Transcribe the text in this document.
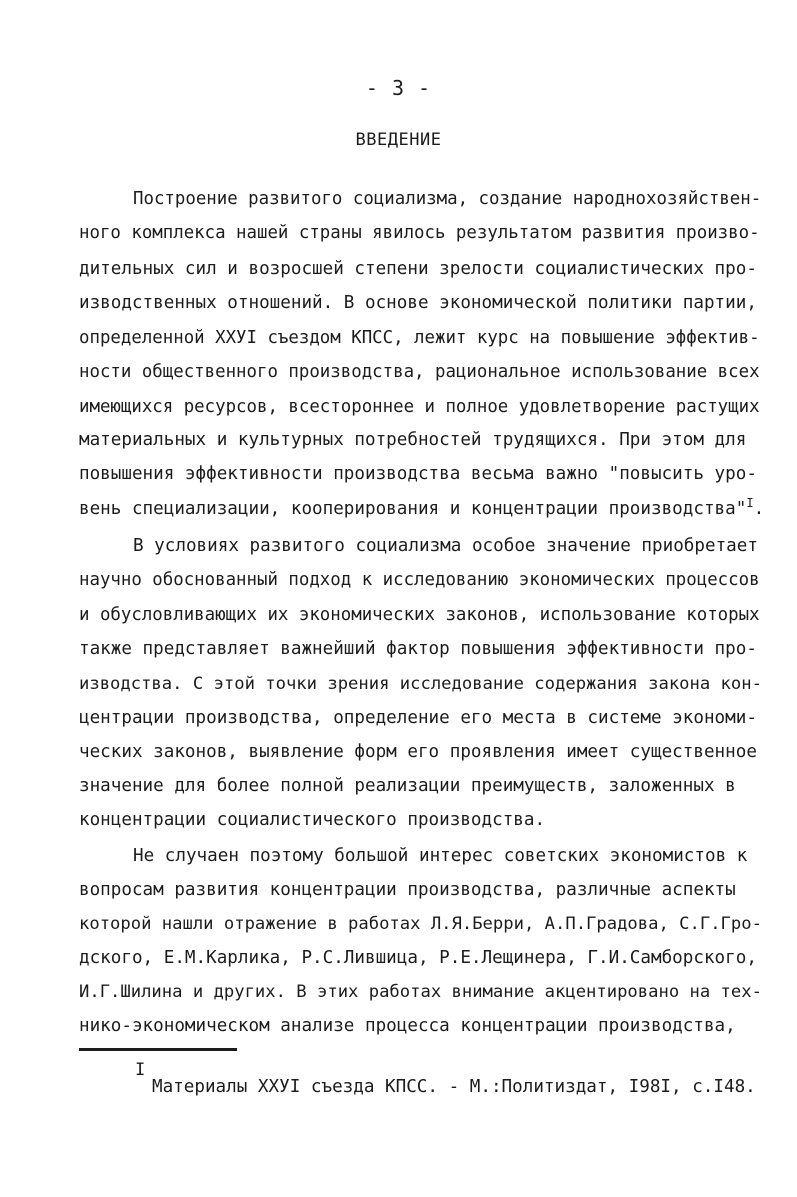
- 3 -
ВВЕДЕНИЕ
Построение развитого социализма, создание народнохозяйствен-
ного комплекса нашей страны явилось результатом развития произво-
дительных сил и возросшей степени зрелости социалистических про-
изводственных отношений. В основе экономической политики партии,
определенной ХХУI съездом КПСС, лежит курс на повышение эффектив-
ности общественного производства, рациональное использование всех
имеющихся ресурсов, всестороннее и полное удовлетворение растущих
материальных и культурных потребностей трудящихся. При этом для
повышения эффективности производства весьма важно "повысить уро-
вень специализации, кооперирования и концентрации производства"$^I$.
В условиях развитого социализма особое значение приобретает
научно обоснованный подход к исследованию экономических процессов
и обусловливающих их экономических законов, использование которых
также представляет важнейший фактор повышения эффективности про-
изводства. С этой точки зрения исследование содержания закона кон-
центрации производства, определение его места в системе экономи-
ческих законов, выявление форм его проявления имеет существенное
значение для более полной реализации преимуществ, заложенных в
концентрации социалистического производства.
Не случаен поэтому большой интерес советских экономистов к
вопросам развития концентрации производства, различные аспекты
которой нашли отражение в работах Л.Я.Берри, А.П.Градова, С.Г.Гро-
дского, Е.М.Карлика, Р.С.Лившица, Р.Е.Лещинера, Г.И.Самборского,
И.Г.Шилина и других. В этих работах внимание акцентировано на тех-
нико-экономическом анализе процесса концентрации производства,
I
Материалы ХХУI съезда КПСС. - М.:Политиздат, I98I, с.I48.
